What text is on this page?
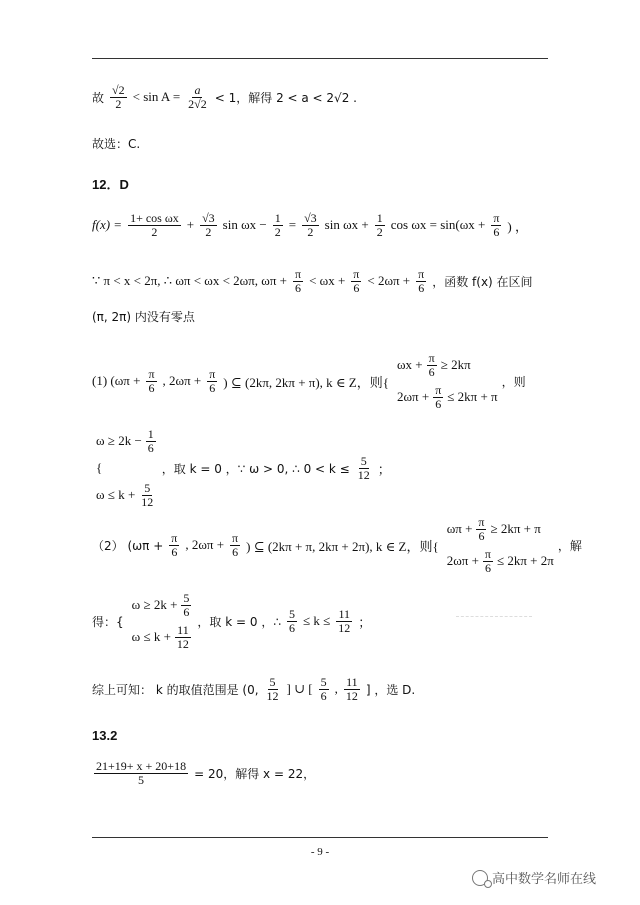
故 $\frac{√2}{2} < \sin A = \frac{a}{2√2} < 1$，解得 2 < a < 2√2 .
故选：C.
12．D
$f(x) = \frac{\text{1+ cos ωx}}{2} + \frac{√3}{2}$ $\sin \omega x - \frac{1}{2} = \frac{√3}{2}$ $\sin \omega x + \frac{1}{2}$ $\cos \omega x = \sin(\omega x + \frac{\pi}{6}$ ) ，
∵ π < x < 2π, ∴ ωπ < ωx < 2ωπ, $\omega\pi + \frac{\pi}{6} < \omega x + \frac{\pi}{6} < 2\omega\pi + \frac{\pi}{6}$ ，函数 f(x) 在区间
(π, 2π) 内没有零点
(1) ($\omega\pi + \frac{\pi}{6}$ , $2\omega\pi + \frac{\pi}{6}$ ) ⊆ (2kπ, 2kπ + π), k ∈ Z，则{
$\omega x + \frac{\pi}{6} \ge 2k\pi$
$2\omega\pi + \frac{\pi}{6} \le 2k\pi + \pi$
，则
$\omega \ge 2k - \frac{1}{6}$
{
$\omega \le k + \frac{5}{12}$
，取 k = 0 ，∵ ω > 0, ∴ $0 < k \le \frac{5}{12}$ ；
（2） ($\omega\pi + \frac{\pi}{6}$ , $2\omega\pi + \frac{\pi}{6}$ ) ⊆ (2kπ + π, 2kπ + 2π), k ∈ Z，则{
$\omega\pi + \frac{\pi}{6} \ge 2k\pi + \pi$
$2\omega\pi + \frac{\pi}{6} \le 2k\pi + 2\pi$
，解
得：{
$\omega \ge 2k + \frac{5}{6}$
$\omega \le k + \frac{11}{12}$
，取 k = 0 ，∴ $\frac{5}{6} \le k \le \frac{11}{12}$ ；
综上可知： k 的取值范围是 (0, $\frac{5}{12}$ ] ∪ [ $\frac{5}{6}$ , $\frac{11}{12}$ ] ，选 D.
13.2
$\frac{21+19+ x + 20+18}{5} = 20$，解得 x = 22，
- 9 -
高中数学名师在线
